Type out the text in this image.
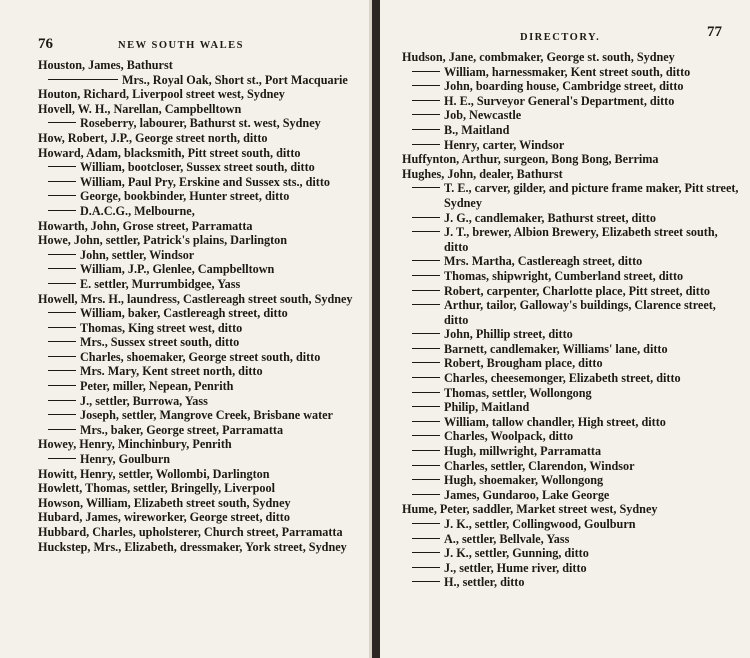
76	NEW SOUTH WALES

Houston, James, Bathurst

Mrs., Royal Oak, Short st., Port Macquarie

Houton, Richard, Liverpool street west, Sydney

Hovell, W. H., Narellan, Campbelltown

Roseberry, labourer, Bathurst st. west, Sydney

How, Robert, J.P., George street north, ditto

Howard, Adam, blacksmith, Pitt street south, ditto

William, bootcloser, Sussex street south, ditto

William, Paul Pry, Erskine and Sussex sts., ditto

George, bookbinder, Hunter street, ditto

D.A.C.G., Melbourne,

Howarth, John, Grose street, Parramatta

Howe, John, settler, Patrick's plains, Darlington

John, settler, Windsor

William, J.P., Glenlee, Campbelltown

E. settler, Murrumbidgee, Yass

Howell, Mrs. H., laundress, Castlereagh street south, Sydney

William, baker, Castlereagh street, ditto

Thomas, King street west, ditto

Mrs., Sussex street south, ditto

Charles, shoemaker, George street south, ditto

Mrs. Mary, Kent street north, ditto

Peter, miller, Nepean, Penrith

J., settler, Burrowa, Yass

Joseph, settler, Mangrove Creek, Brisbane water

Mrs., baker, George street, Parramatta

Howey, Henry, Minchinbury, Penrith

Henry, Goulburn

Howitt, Henry, settler, Wollombi, Darlington

Howlett, Thomas, settler, Bringelly, Liverpool

Howson, William, Elizabeth street south, Sydney

Hubard, James, wireworker, George street, ditto

Hubbard, Charles, upholsterer, Church street, Parramatta

Huckstep, Mrs., Elizabeth, dressmaker, York street, Sydney

DIRECTORY.	77

Hudson, Jane, combmaker, George st. south, Sydney

William, harnessmaker, Kent street south, ditto

John, boarding house, Cambridge street, ditto

H. E., Surveyor General's Department, ditto

Job, Newcastle

B., Maitland

Henry, carter, Windsor

Huffynton, Arthur, surgeon, Bong Bong, Berrima

Hughes, John, dealer, Bathurst

T. E., carver, gilder, and picture frame maker, Pitt street, Sydney

J. G., candlemaker, Bathurst street, ditto

J. T., brewer, Albion Brewery, Elizabeth street south, ditto

Mrs. Martha, Castlereagh street, ditto

Thomas, shipwright, Cumberland street, ditto

Robert, carpenter, Charlotte place, Pitt street, ditto

Arthur, tailor, Galloway's buildings, Clarence street, ditto

John, Phillip street, ditto

Barnett, candlemaker, Williams' lane, ditto

Robert, Brougham place, ditto

Charles, cheesemonger, Elizabeth street, ditto

Thomas, settler, Wollongong

Philip, Maitland

William, tallow chandler, High street, ditto

Charles, Woolpack, ditto

Hugh, millwright, Parramatta

Charles, settler, Clarendon, Windsor

Hugh, shoemaker, Wollongong

James, Gundaroo, Lake George

Hume, Peter, saddler, Market street west, Sydney

J. K., settler, Collingwood, Goulburn

A., settler, Bellvale, Yass

J. K., settler, Gunning, ditto

J., settler, Hume river, ditto

H., settler, ditto
